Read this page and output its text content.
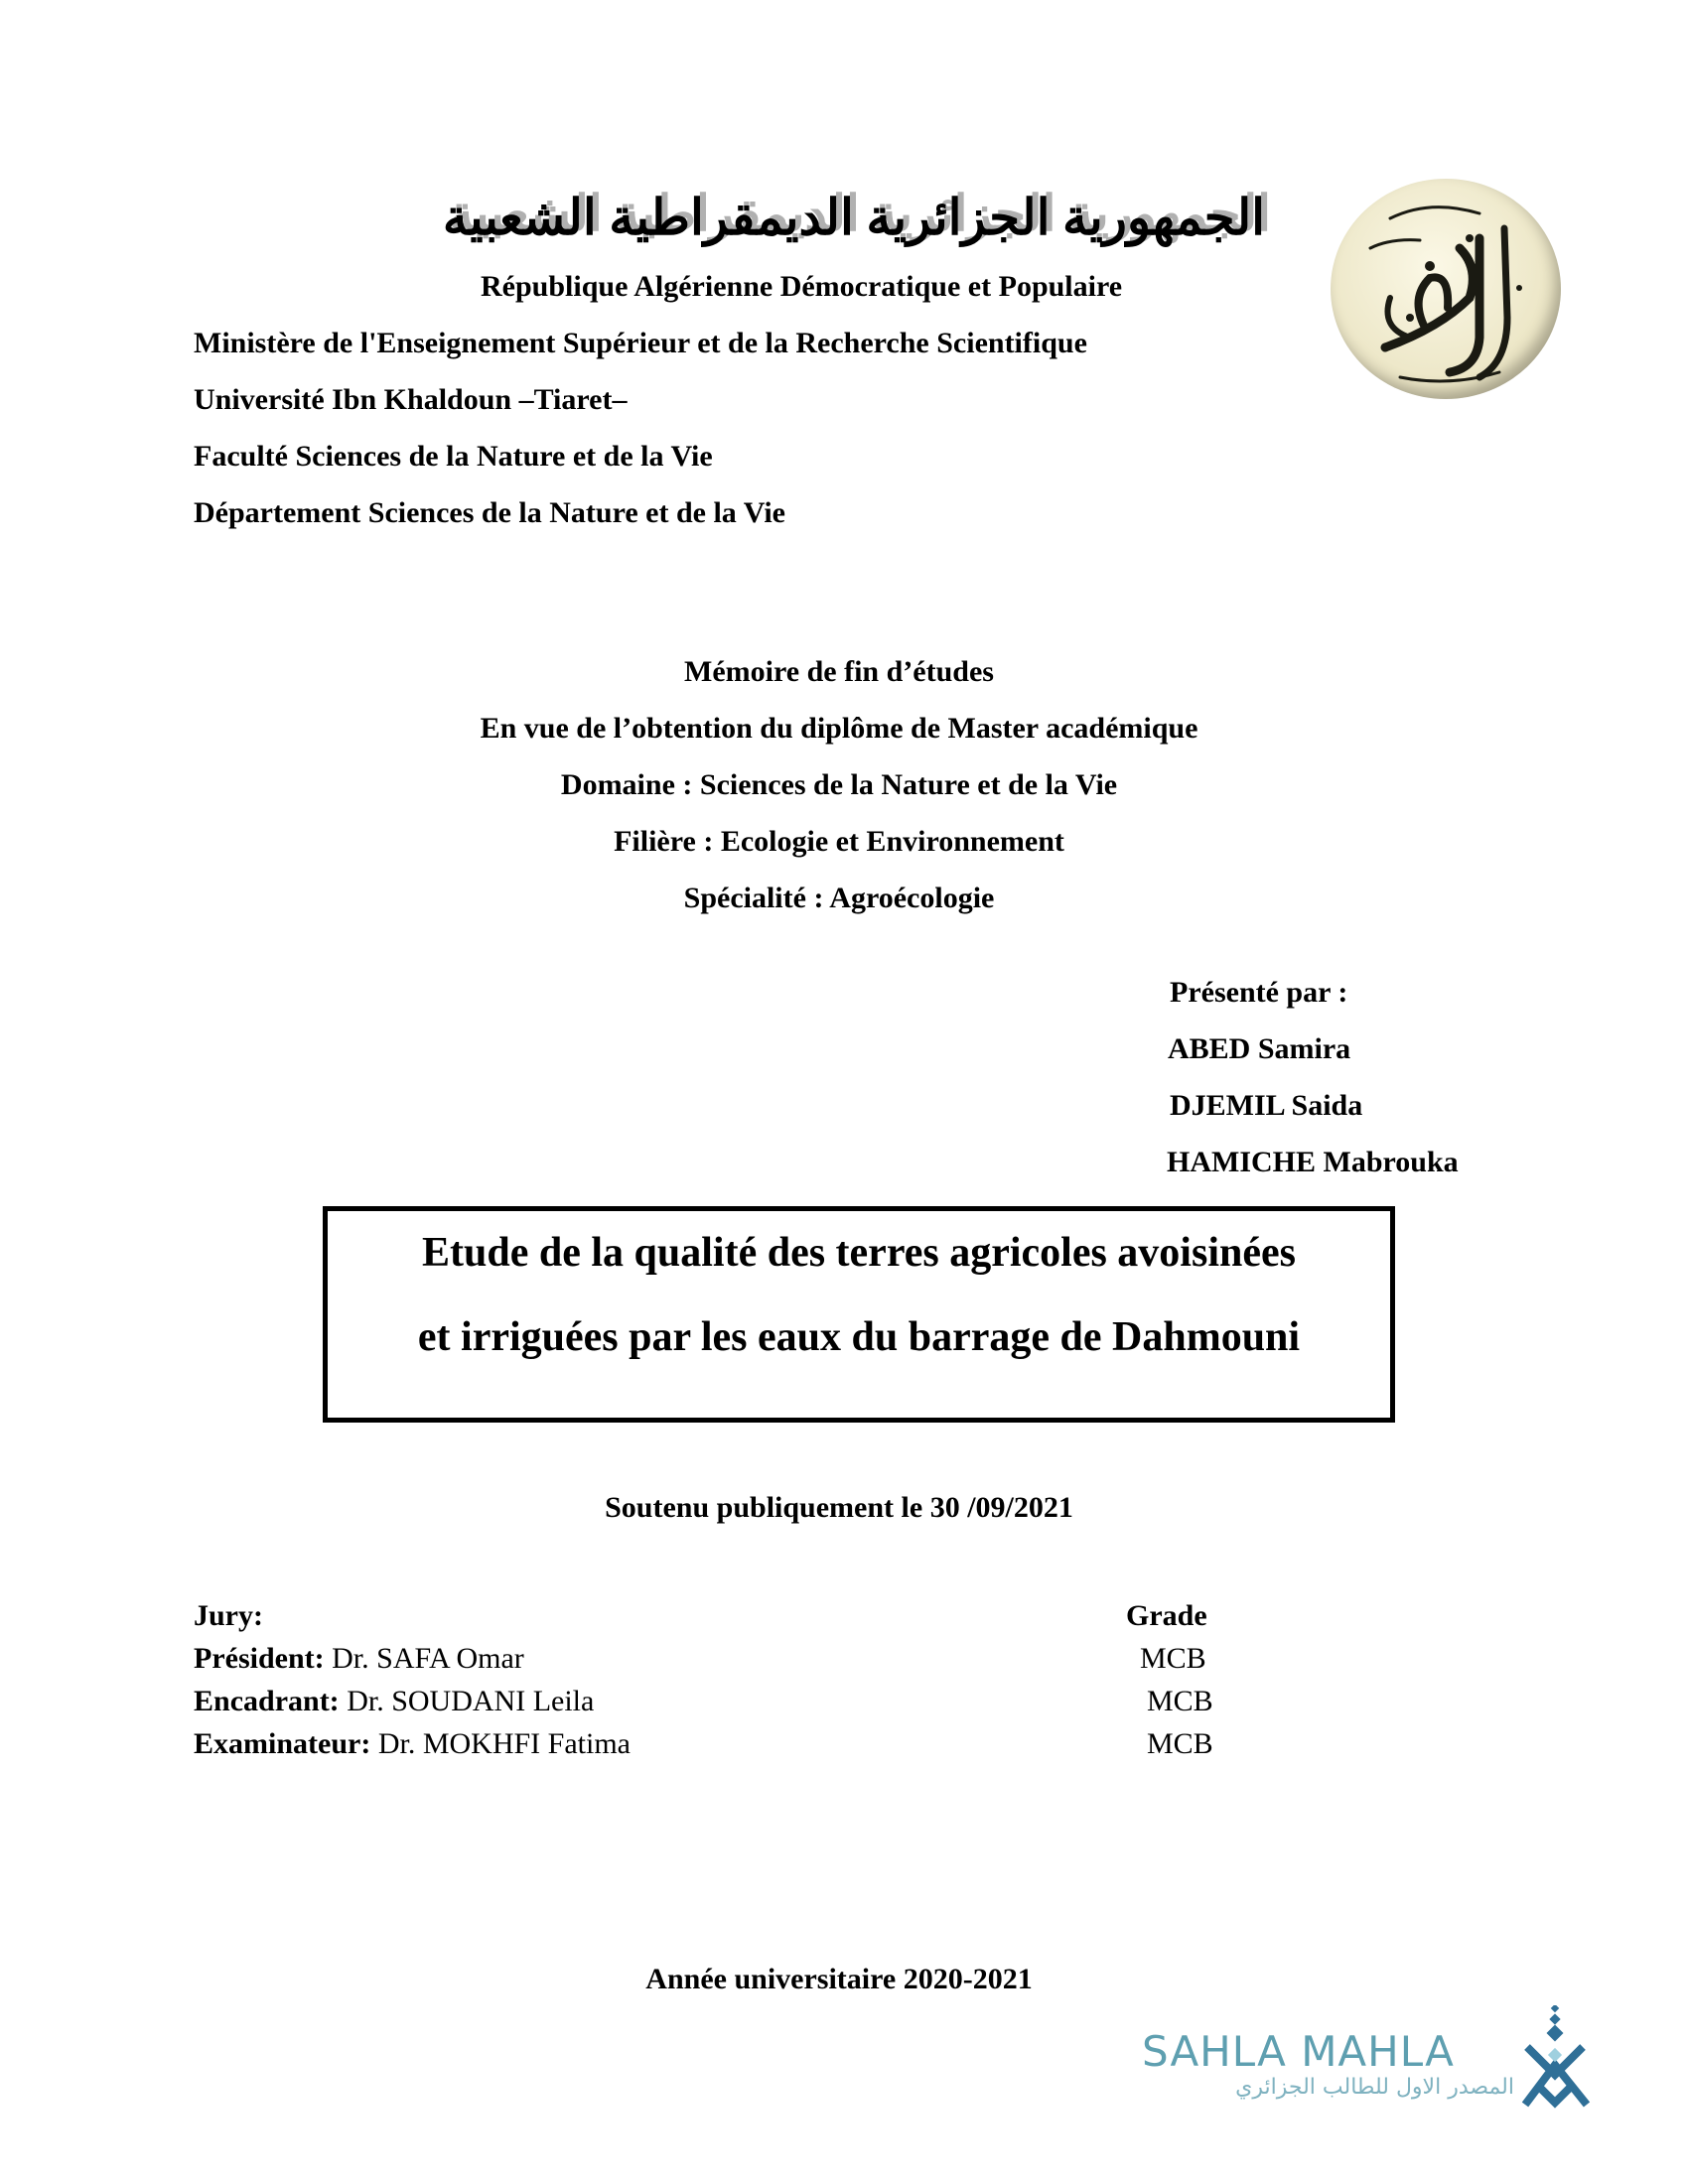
الجمهورية الجزائرية الديمقراطية الشعبية
République Algérienne Démocratique et Populaire
Ministère de l'Enseignement Supérieur et de la Recherche Scientifique
Université Ibn Khaldoun –Tiaret–
Faculté Sciences de la Nature et de la Vie
Département Sciences de la Nature et de la Vie
Mémoire de fin d’études
En vue de l’obtention du diplôme de Master académique
Domaine : Sciences de la Nature et de la Vie
Filière : Ecologie et Environnement
Spécialité : Agroécologie
Présenté par :
ABED Samira
DJEMIL Saida
HAMICHE Mabrouka
Etude de la qualité des terres agricoles avoisinées
et irriguées par les eaux du barrage de Dahmouni
Soutenu publiquement le 30 /09/2021
Jury:	Grade
Président: Dr. SAFA Omar	MCB
Encadrant: Dr. SOUDANI Leila	MCB
Examinateur: Dr. MOKHFI Fatima	MCB
Année universitaire 2020-2021
SAHLA MAHLA
المصدر الاول للطالب الجزائري
